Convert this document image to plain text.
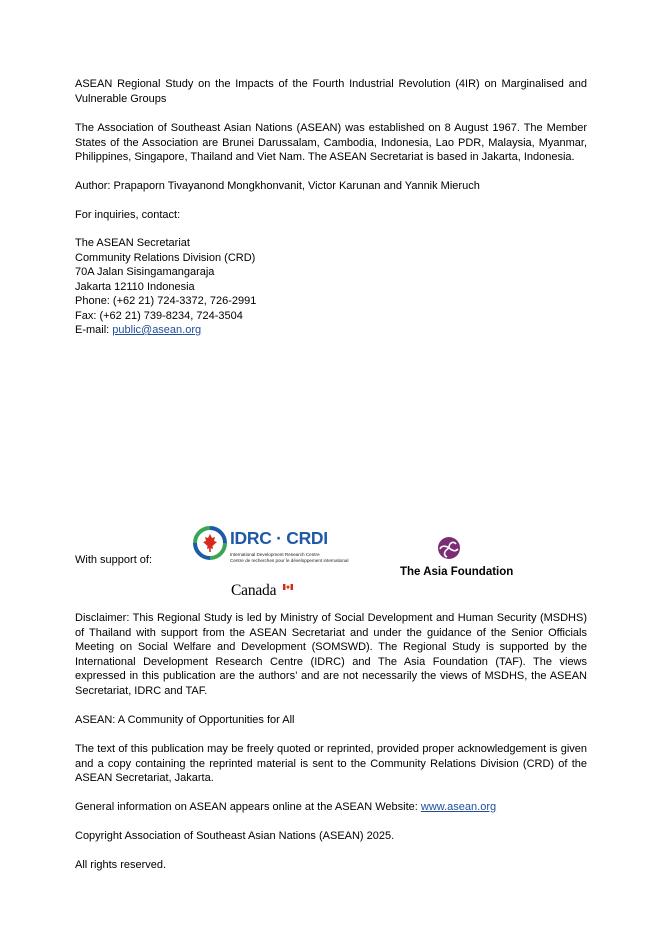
ASEAN Regional Study on the Impacts of the Fourth Industrial Revolution (4IR) on Marginalised and Vulnerable Groups

The Association of Southeast Asian Nations (ASEAN) was established on 8 August 1967. The Member States of the Association are Brunei Darussalam, Cambodia, Indonesia, Lao PDR, Malaysia, Myanmar, Philippines, Singapore, Thailand and Viet Nam. The ASEAN Secretariat is based in Jakarta, Indonesia.

Author: Prapaporn Tivayanond Mongkhonvanit, Victor Karunan and Yannik Mieruch

For inquiries, contact:

The ASEAN Secretariat
Community Relations Division (CRD)
70A Jalan Sisingamangaraja
Jakarta 12110 Indonesia
Phone: (+62 21) 724-3372, 726-2991
Fax: (+62 21) 739-8234, 724-3504
E-mail: public@asean.org
With support of:
IDRC · CRDI
International Development Research Centre
Centre de recherches pour le développement international
Canada
The Asia Foundation

Disclaimer: This Regional Study is led by Ministry of Social Development and Human Security (MSDHS) of Thailand with support from the ASEAN Secretariat and under the guidance of the Senior Officials Meeting on Social Welfare and Development (SOMSWD). The Regional Study is supported by the International Development Research Centre (IDRC) and The Asia Foundation (TAF). The views expressed in this publication are the authors’ and are not necessarily the views of MSDHS, the ASEAN Secretariat, IDRC and TAF.

ASEAN: A Community of Opportunities for All

The text of this publication may be freely quoted or reprinted, provided proper acknowledgement is given and a copy containing the reprinted material is sent to the Community Relations Division (CRD) of the ASEAN Secretariat, Jakarta.

General information on ASEAN appears online at the ASEAN Website: www.asean.org

Copyright Association of Southeast Asian Nations (ASEAN) 2025.

All rights reserved.
